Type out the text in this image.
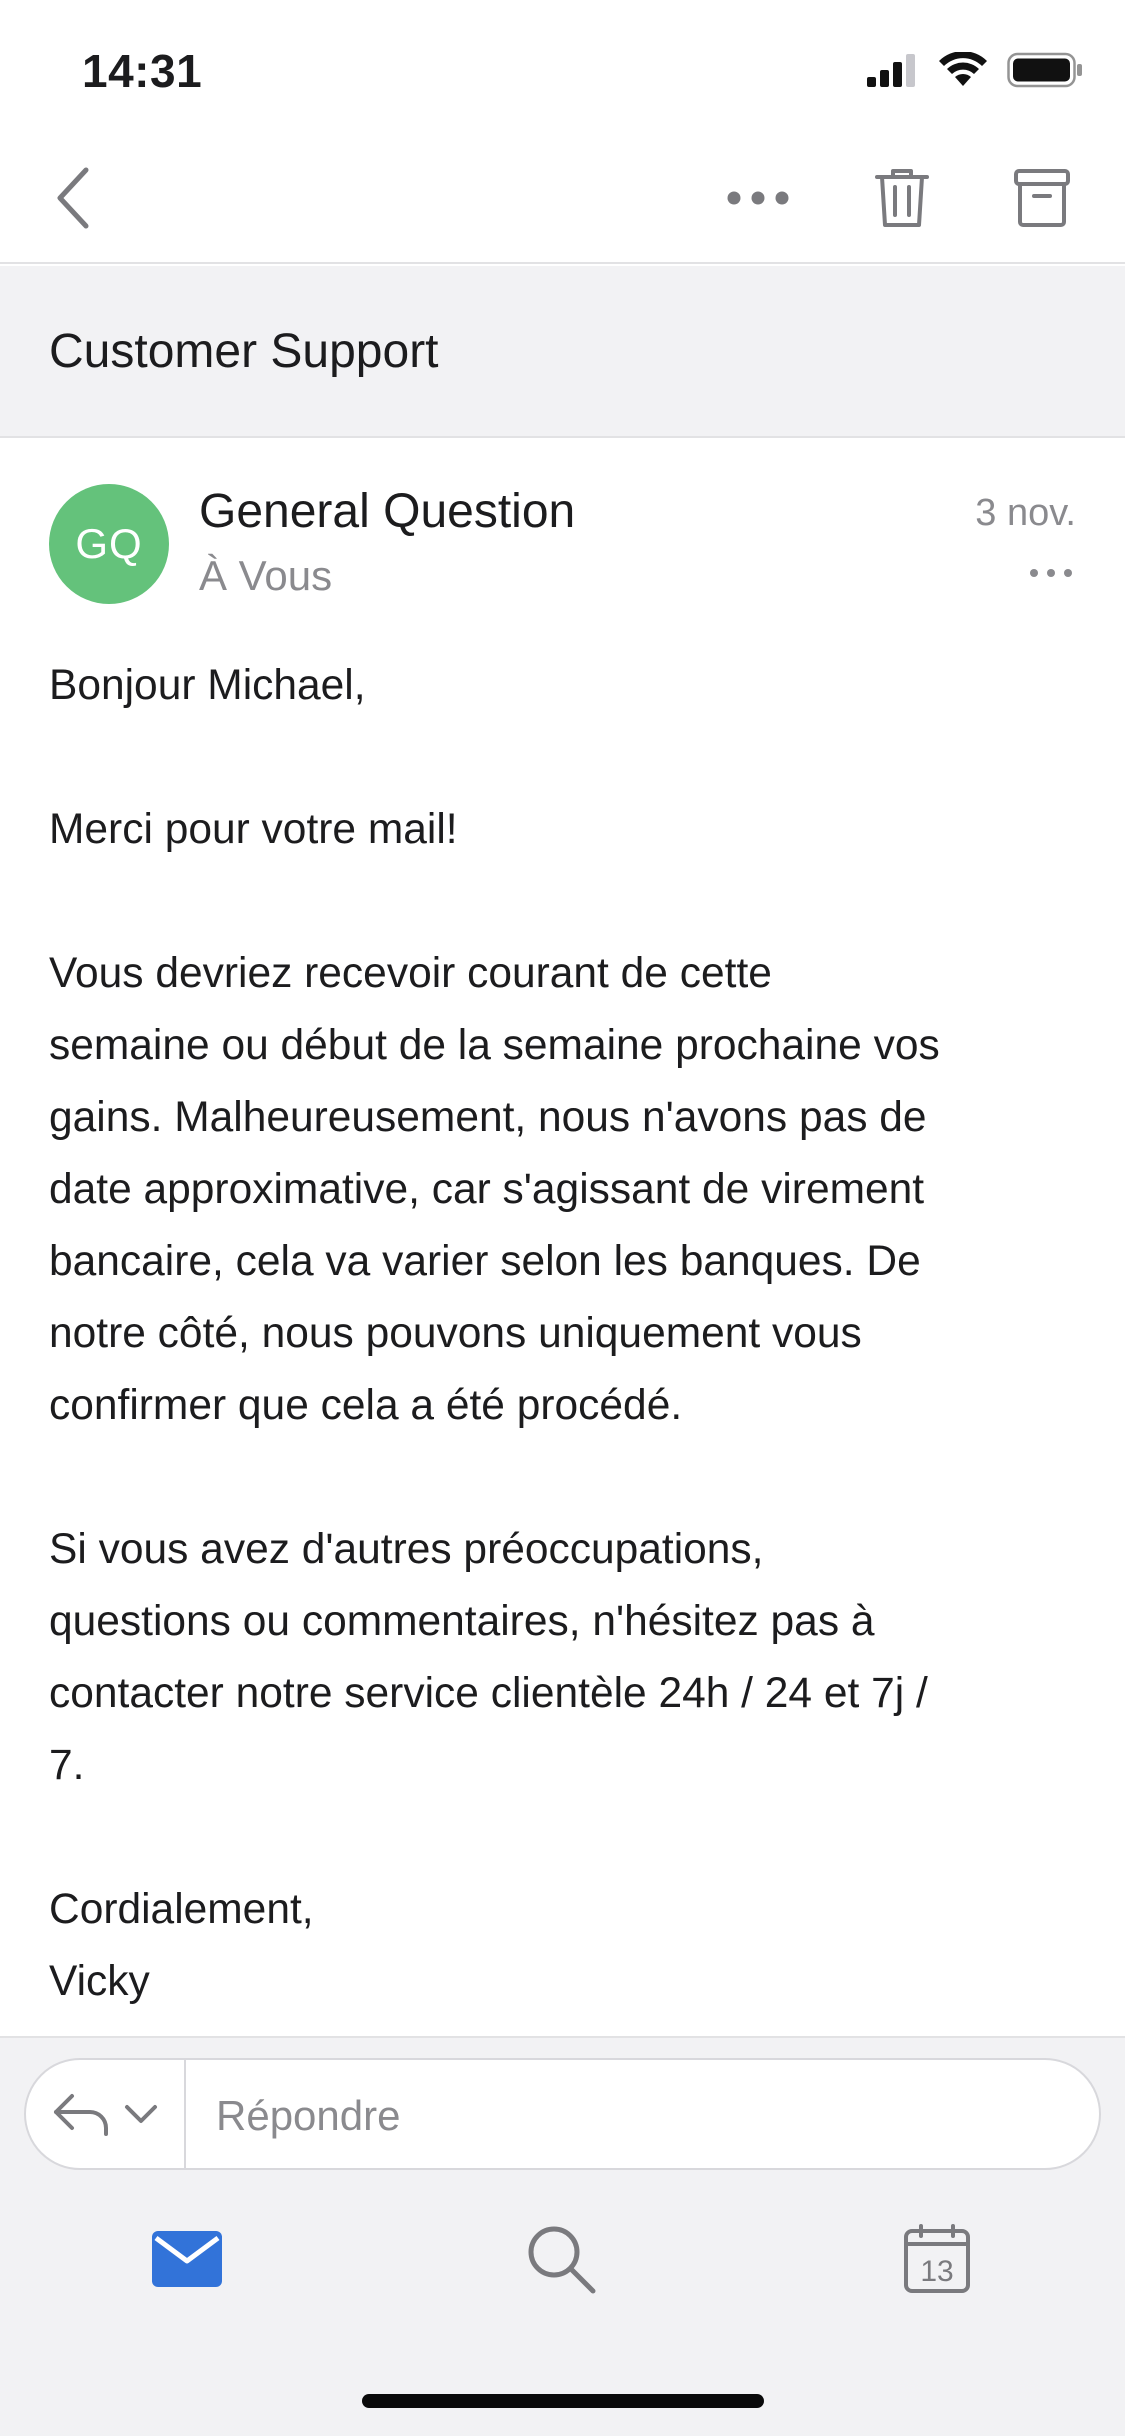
14:31
Customer Support
GQ
General Question
À Vous
3 nov.

Bonjour Michael,

Merci pour votre mail!

Vous devriez recevoir courant de cette
semaine ou début de la semaine prochaine vos
gains. Malheureusement, nous n'avons pas de
date approximative, car s'agissant de virement
bancaire, cela va varier selon les banques. De
notre côté, nous pouvons uniquement vous
confirmer que cela a été procédé.

Si vous avez d'autres préoccupations,
questions ou commentaires, n'hésitez pas à
contacter notre service clientèle 24h / 24 et 7j /
7.

Cordialement,

Vicky

Répondre
13
